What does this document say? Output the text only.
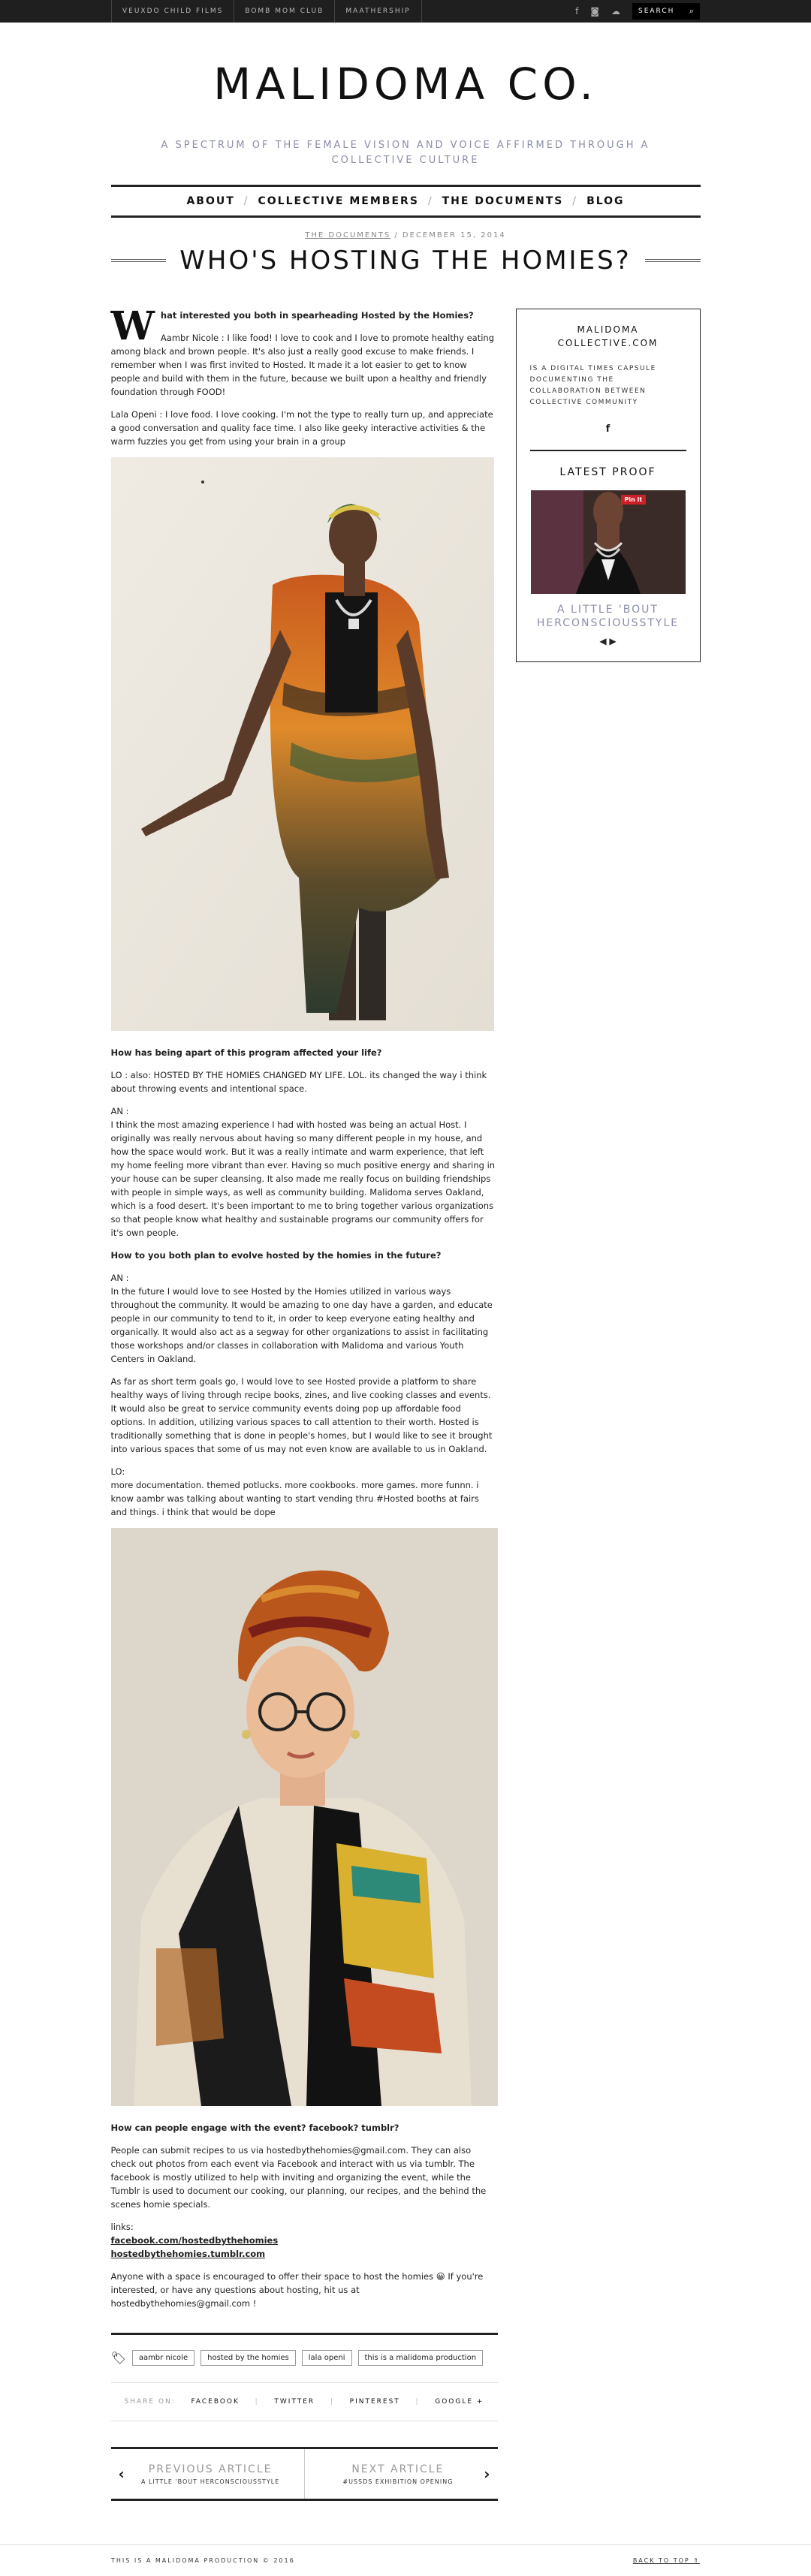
VEUXDO CHILD FILMS	BOMB MOM CLUB	MAATHERSHIP	f ◙ ☁	SEARCH ⌕
MALIDOMA CO.
A SPECTRUM OF THE FEMALE VISION AND VOICE AFFIRMED THROUGH A COLLECTIVE CULTURE
ABOUT / COLLECTIVE MEMBERS / THE DOCUMENTS / BLOG
THE DOCUMENTS / DECEMBER 15, 2014
WHO'S HOSTING THE HOMIES?

What interested you both in spearheading Hosted by the Homies?

Aambr Nicole : I like food! I love to cook and I love to promote healthy eating among black and brown people. It's also just a really good excuse to make friends. I remember when I was first invited to Hosted. It made it a lot easier to get to know people and build with them in the future, because we built upon a healthy and friendly foundation through FOOD!

Lala Openi : I love food. I love cooking. I'm not the type to really turn up, and appreciate a good conversation and quality face time. I also like geeky interactive activities & the warm fuzzies you get from using your brain in a group

How has being apart of this program affected your life?

LO : also: HOSTED BY THE HOMIES CHANGED MY LIFE. LOL. its changed the way i think about throwing events and intentional space.

AN :
I think the most amazing experience I had with hosted was being an actual Host. I originally was really nervous about having so many different people in my house, and how the space would work. But it was a really intimate and warm experience, that left my home feeling more vibrant than ever. Having so much positive energy and sharing in your house can be super cleansing. It also made me really focus on building friendships with people in simple ways, as well as community building. Malidoma serves Oakland, which is a food desert. It's been important to me to bring together various organizations so that people know what healthy and sustainable programs our community offers for it's own people.

How to you both plan to evolve hosted by the homies in the future?

AN :
In the future I would love to see Hosted by the Homies utilized in various ways throughout the community. It would be amazing to one day have a garden, and educate people in our community to tend to it, in order to keep everyone eating healthy and organically. It would also act as a segway for other organizations to assist in facilitating those workshops and/or classes in collaboration with Malidoma and various Youth Centers in Oakland.

As far as short term goals go, I would love to see Hosted provide a platform to share healthy ways of living through recipe books, zines, and live cooking classes and events. It would also be great to service community events doing pop up affordable food options. In addition, utilizing various spaces to call attention to their worth. Hosted is traditionally something that is done in people's homes, but I would like to see it brought into various spaces that some of us may not even know are available to us in Oakland.

LO:
more documentation. themed potlucks. more cookbooks. more games. more funnn. i know aambr was talking about wanting to start vending thru #Hosted booths at fairs and things. i think that would be dope

How can people engage with the event? facebook? tumblr?

People can submit recipes to us via hostedbythehomies@gmail.com. They can also check out photos from each event via Facebook and interact with us via tumblr. The facebook is mostly utilized to help with inviting and organizing the event, while the Tumblr is used to document our cooking, our planning, our recipes, and the behind the scenes homie specials.

links:
facebook.com/hostedbythehomies
hostedbythehomies.tumblr.com

Anyone with a space is encouraged to offer their space to host the homies 😀 If you're interested, or have any questions about hosting, hit us at hostedbythehomies@gmail.com !

🏷	aambr nicole	hosted by the homies	lala openi	this is a malidoma production
SHARE ON: FACEBOOK | TWITTER | PINTEREST | GOOGLE +
‹	PREVIOUS ARTICLE
A LITTLE 'BOUT HERCONSCIOUSSTYLE
NEXT ARTICLE
#USSDS EXHIBITION OPENING	›
MALIDOMA COLLECTIVE.COM
IS A DIGITAL TIMES CAPSULE DOCUMENTING THE COLLABORATION BETWEEN COLLECTIVE COMMUNITY
f
LATEST PROOF
Pin it
A LITTLE 'BOUT HERCONSCIOUSSTYLE
◀ ▶
THIS IS A MALIDOMA PRODUCTION © 2016	BACK TO TOP ⇑
